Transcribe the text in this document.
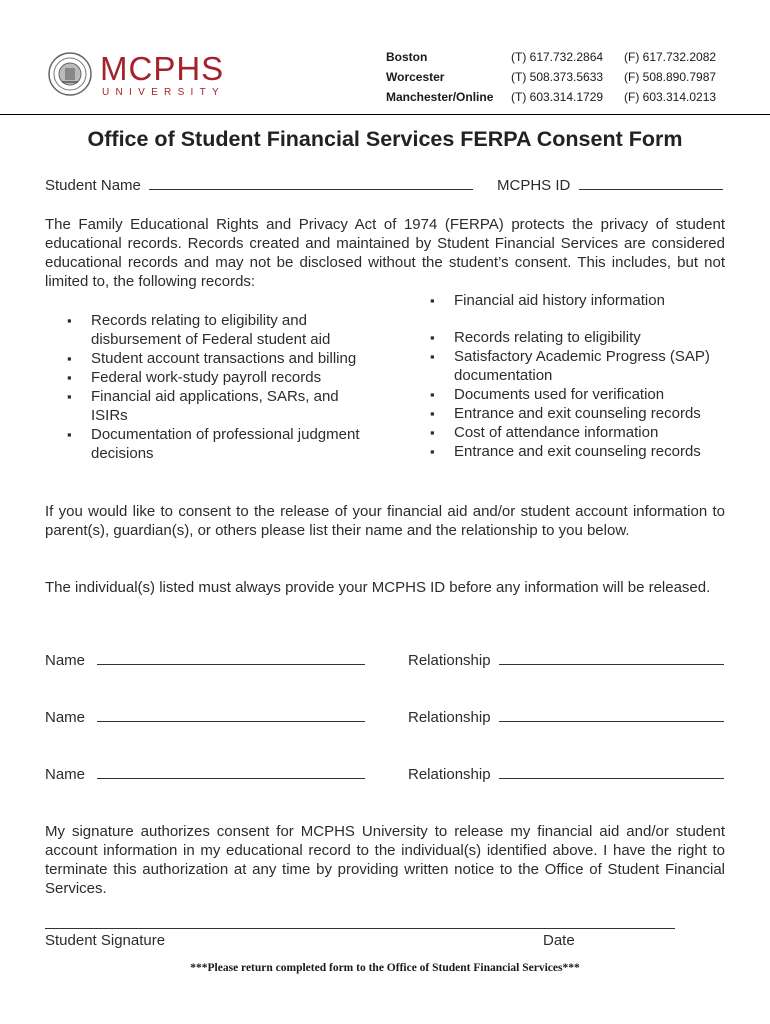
MCPHS
UNIVERSITY
Boston	(T) 617.732.2864	(F) 617.732.2082
Worcester	(T) 508.373.5633	(F) 508.890.7987
Manchester/Online	(T) 603.314.1729	(F) 603.314.0213
Office of Student Financial Services FERPA Consent Form
Student Name	MCPHS ID
The Family Educational Rights and Privacy Act of 1974 (FERPA) protects the privacy of student educational records. Records created and maintained by Student Financial Services are considered educational records and may not be disclosed without the student’s consent. This includes, but not limited to, the following records:
▪ Financial aid history information
▪ Records relating to eligibility and disbursement of Federal student aid
▪ Student account transactions and billing
▪ Federal work-study payroll records
▪ Financial aid applications, SARs, and ISIRs
▪ Documentation of professional judgment decisions
▪ Records relating to eligibility
▪ Satisfactory Academic Progress (SAP) documentation
▪ Documents used for verification
▪ Entrance and exit counseling records
▪ Cost of attendance information
▪ Entrance and exit counseling records
If you would like to consent to the release of your financial aid and/or student account information to parent(s), guardian(s), or others please list their name and the relationship to you below.
The individual(s) listed must always provide your MCPHS ID before any information will be released.
Name	Relationship
Name	Relationship
Name	Relationship
My signature authorizes consent for MCPHS University to release my financial aid and/or student account information in my educational record to the individual(s) identified above. I have the right to terminate this authorization at any time by providing written notice to the Office of Student Financial Services.
Student Signature	Date
***Please return completed form to the Office of Student Financial Services***
